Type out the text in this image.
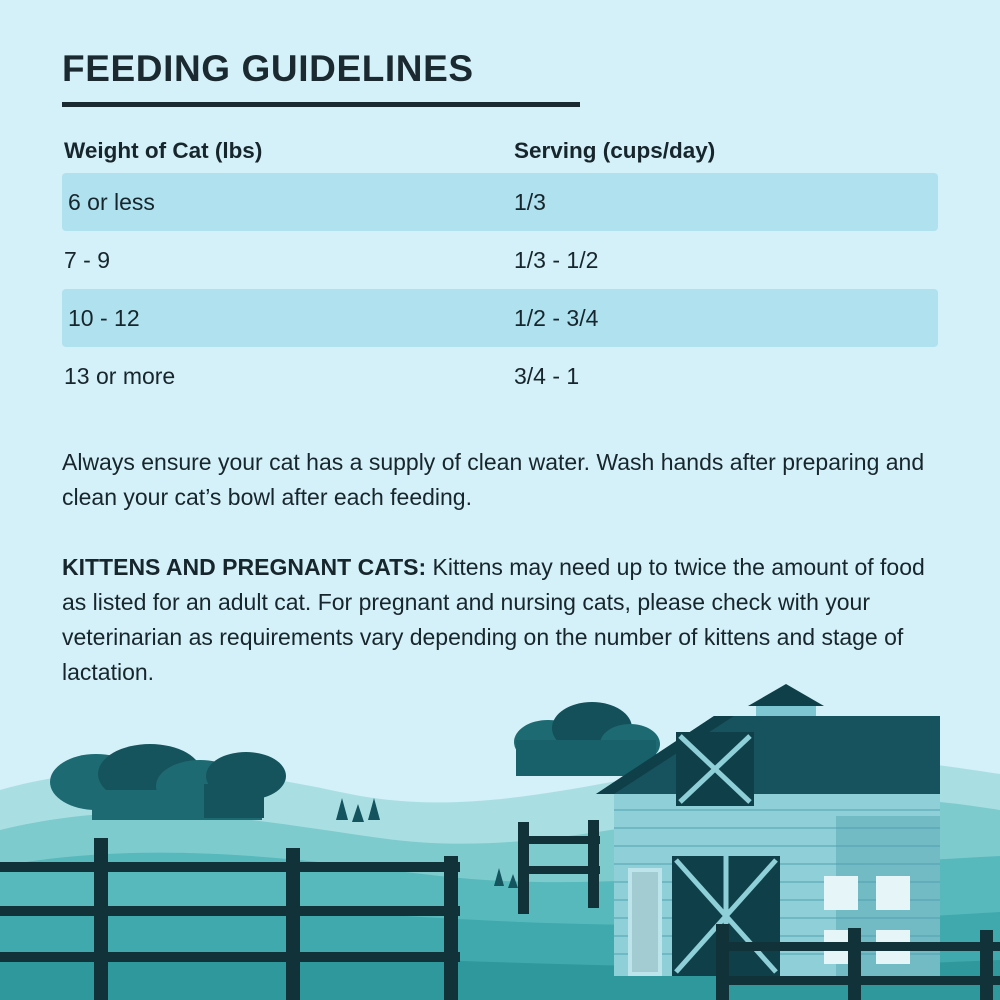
FEEDING GUIDELINES
Weight of Cat (lbs)	Serving (cups/day)
6 or less	1/3
7 - 9	1/3 - 1/2
10 - 12	1/2 - 3/4
13 or more	3/4 - 1

Always ensure your cat has a supply of clean water. Wash hands after preparing and clean your cat’s bowl after each feeding.

KITTENS AND PREGNANT CATS: Kittens may need up to twice the amount of food as listed for an adult cat. For pregnant and nursing cats, please check with your veterinarian as requirements vary depending on the number of kittens and stage of lactation.
